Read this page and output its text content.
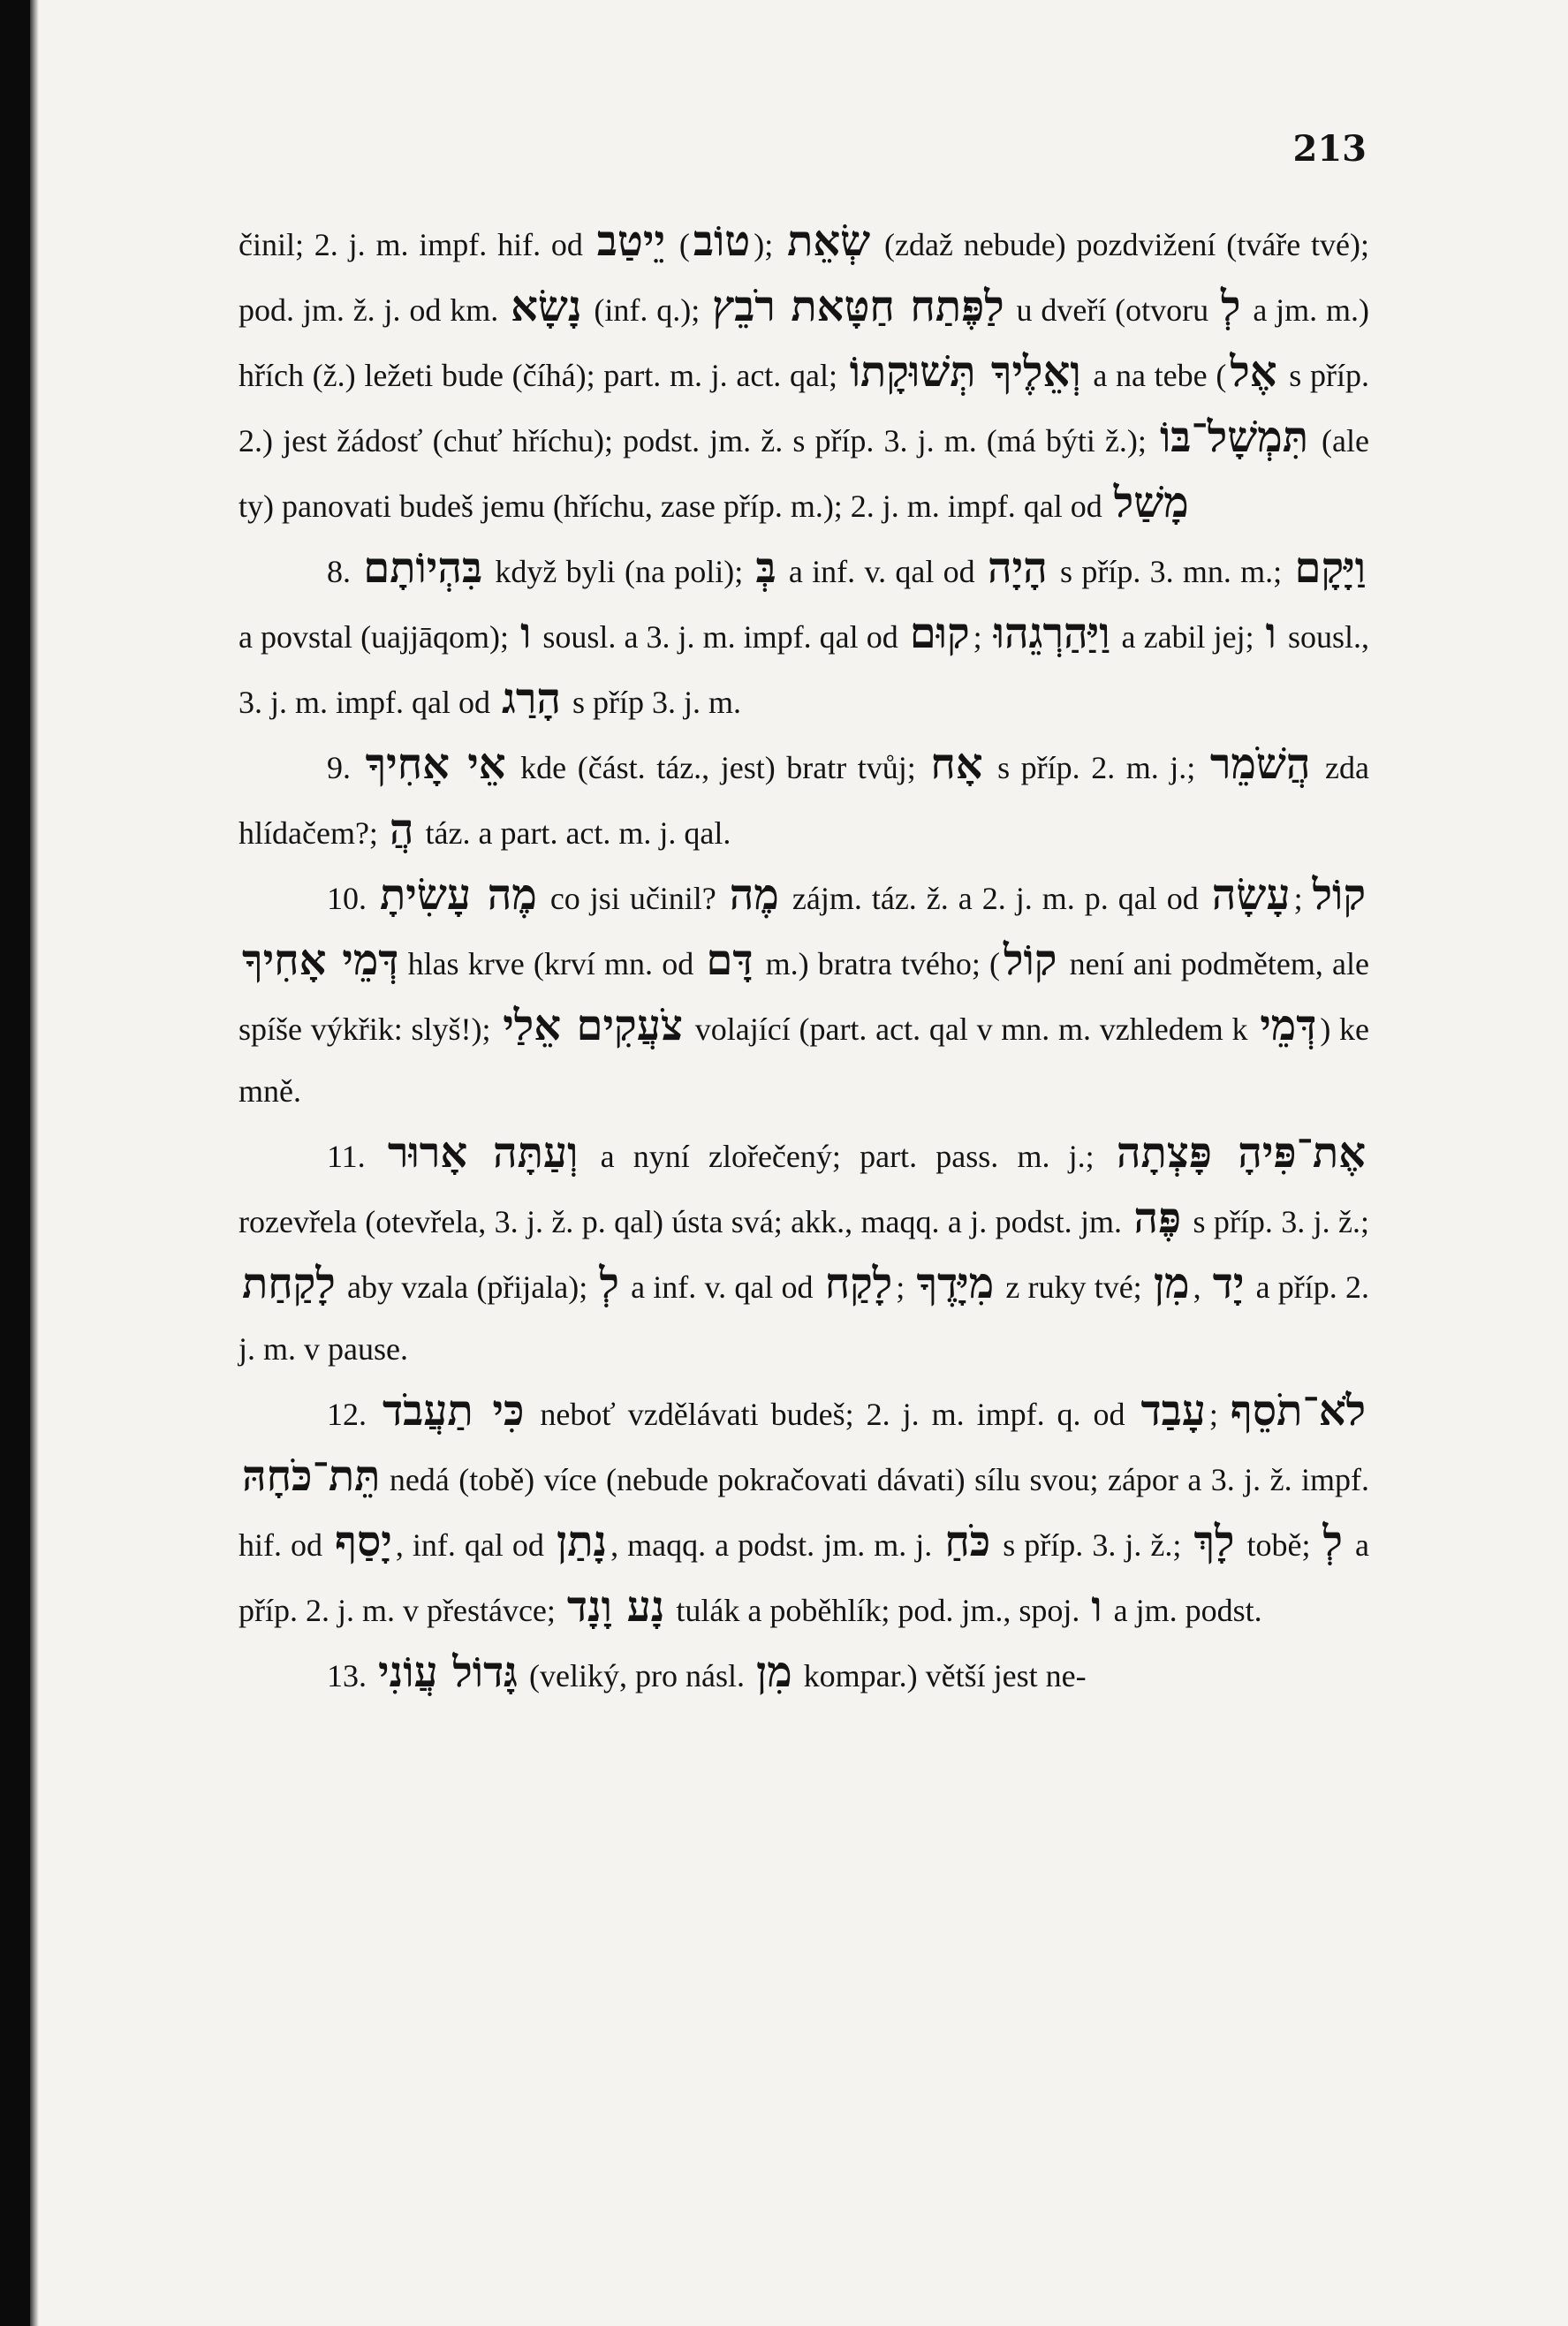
213

činil; 2. j. m. impf. hif. od יֵיטַב (טוֹב ); שְׂאֵת (zdaž nebude) pozdvižení (tváře tvé); pod. jm. ž. j. od km. נָשָׂא (inf. q.); לַפֶּתַח חַטָּאת רֹבֵץ u dveří (otvoru לְ a jm. m.) hřích (ž.) ležeti bude (číhá); part. m. j. act. qal; וְאֵלֶיךָ תְּשׁוּקָתוֹ a na tebe (אֶל s příp. 2.) jest žádosť (chuť hříchu); podst. jm. ž. s příp. 3. j. m. (má býti ž.); תִּמְשָׁל־בּוֹ (ale ty) panovati budeš jemu (hříchu, zase příp. m.); 2. j. m. impf. qal od מָשַׁל

8. בִּהְיוֹתָם když byli (na poli); בְּ a inf. v. qal od הָיָה s příp. 3. mn. m.; וַיָּקָם a povstal (uajjāqom); ו sousl. a 3. j. m. impf. qal od קוּם ; וַיַּהַרְגֵהוּ a zabil jej; ו sousl., 3. j. m. impf. qal od הָרַג s příp 3. j. m.

9. אֵי אָחִיךָ kde (část. táz., jest) bratr tvůj; אָח s příp. 2. m. j.; הֲשֹׁמֵר zda hlídačem?; הֲ táz. a part. act. m. j. qal.

10. מֶה עָשִׂיתָ co jsi učinil? מֶה zájm. táz. ž. a 2. j. m. p. qal od עָשָׂה ; קוֹל דְּמֵי אָחִיךָ hlas krve (krví mn. od דָּם m.) bratra tvého; (קוֹל není ani podmětem, ale spíše výkřik: slyš!); צֹעֲקִים אֵלַי volající (part. act. qal v mn. m. vzhledem k דְּמֵי ) ke mně.

11. וְעַתָּה אָרוּר a nyní zlořečený; part. pass. m. j.; פָּצְתָה אֶת־פִּיהָ rozevřela (otevřela, 3. j. ž. p. qal) ústa svá; akk., maqq. a j. podst. jm. פֶּה s příp. 3. j. ž.; לָקַחַת aby vzala (přijala); לְ a inf. v. qal od לָקַח ; מִיָּדֶךָ z ruky tvé; מִן , יָד a příp. 2. j. m. v pause.

12. כִּי תַעֲבֹד neboť vzdělávati budeš; 2. j. m. impf. q. od עָבַד ; לֹא־תֹסֵף תֵּת־כֹּחָהּ nedá (tobě) více (nebude pokračovati dávati) sílu svou; zápor a 3. j. ž. impf. hif. od יָסַף , inf. qal od נָתַן , maqq. a podst. jm. m. j. כֹּחַ s příp. 3. j. ž.; לָךְ tobě; לְ a příp. 2. j. m. v přestávce; נָע וָנָד tulák a poběhlík; pod. jm., spoj. ו a jm. podst.

13. גָּדוֹל עֲוֹנִי (veliký, pro násl. מִן kompar.) větší jest ne-
